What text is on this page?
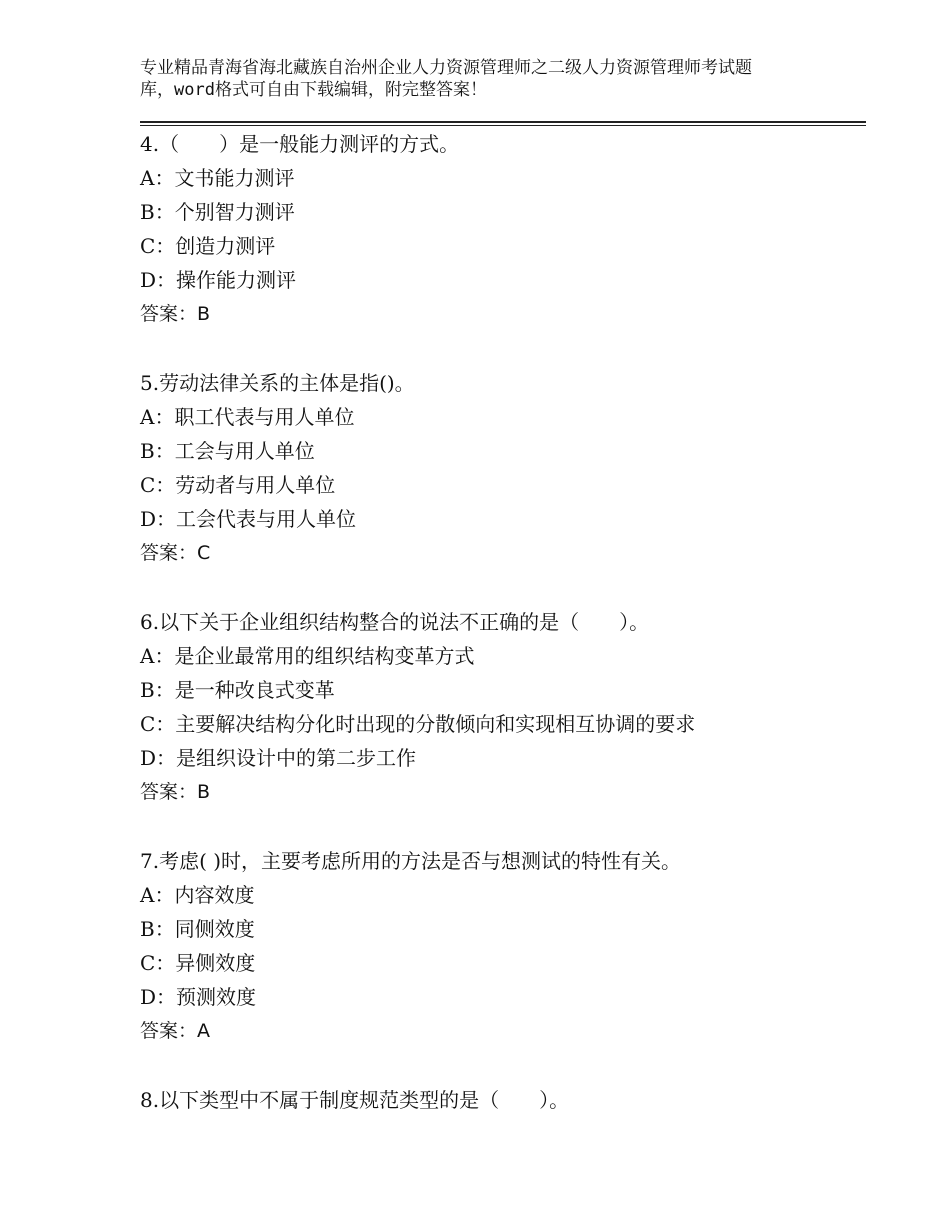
专业精品青海省海北藏族自治州企业人力资源管理师之二级人力资源管理师考试题
库，word格式可自由下载编辑，附完整答案！
4.（　　）是一般能力测评的方式。
A：文书能力测评
B：个别智力测评
C：创造力测评
D：操作能力测评
答案：B
5.劳动法律关系的主体是指()。
A：职工代表与用人单位
B：工会与用人单位
C：劳动者与用人单位
D：工会代表与用人单位
答案：C
6.以下关于企业组织结构整合的说法不正确的是（　　）。
A：是企业最常用的组织结构变革方式
B：是一种改良式变革
C：主要解决结构分化时出现的分散倾向和实现相互协调的要求
D：是组织设计中的第二步工作
答案：B
7.考虑( )时，主要考虑所用的方法是否与想测试的特性有关。
A：内容效度
B：同侧效度
C：异侧效度
D：预测效度
答案：A
8.以下类型中不属于制度规范类型的是（　　）。
